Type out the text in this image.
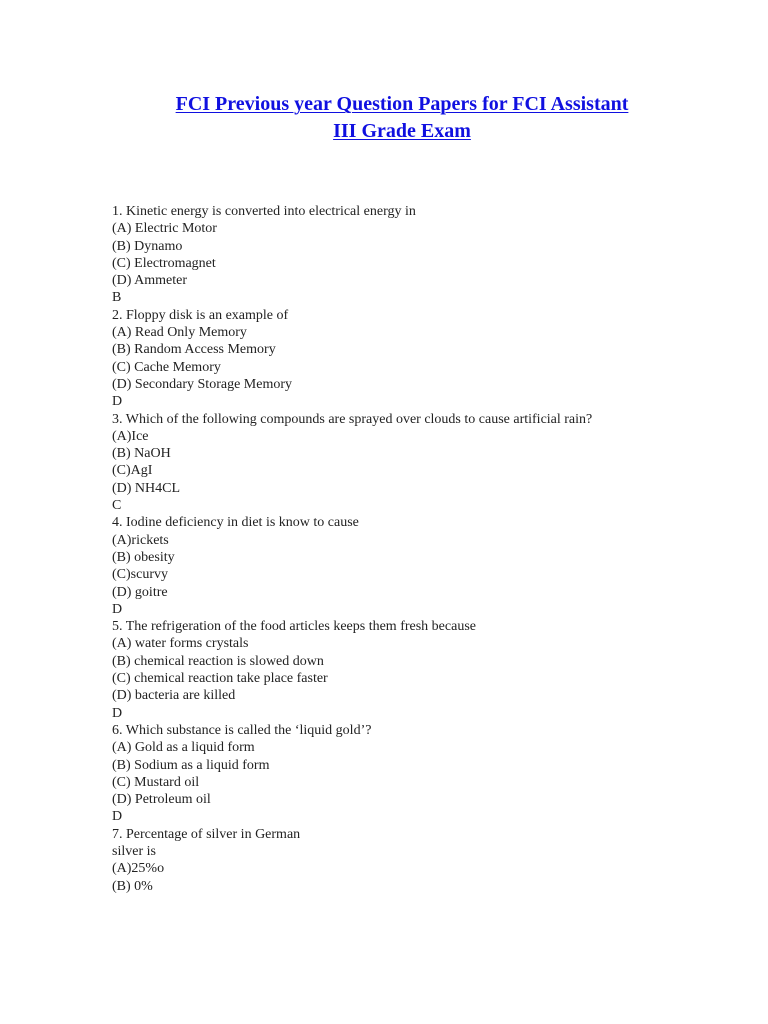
FCI Previous year Question Papers for FCI Assistant
III Grade Exam
1. Kinetic energy is converted into electrical energy in
(A) Electric Motor
(B) Dynamo
(C) Electromagnet
(D) Ammeter
B
2. Floppy disk is an example of
(A) Read Only Memory
(B) Random Access Memory
(C) Cache Memory
(D) Secondary Storage Memory
D
3. Which of the following compounds are sprayed over clouds to cause artificial rain?
(A)Ice
(B) NaOH
(C)AgI
(D) NH4CL
C
4. Iodine deficiency in diet is know to cause
(A)rickets
(B) obesity
(C)scurvy
(D) goitre
D
5. The refrigeration of the food articles keeps them fresh because
(A) water forms crystals
(B) chemical reaction is slowed down
(C) chemical reaction take place faster
(D) bacteria are killed
D
6. Which substance is called the ‘liquid gold’?
(A) Gold as a liquid form
(B) Sodium as a liquid form
(C) Mustard oil
(D) Petroleum oil
D
7. Percentage of silver in German
silver is
(A)25%o
(B) 0%
